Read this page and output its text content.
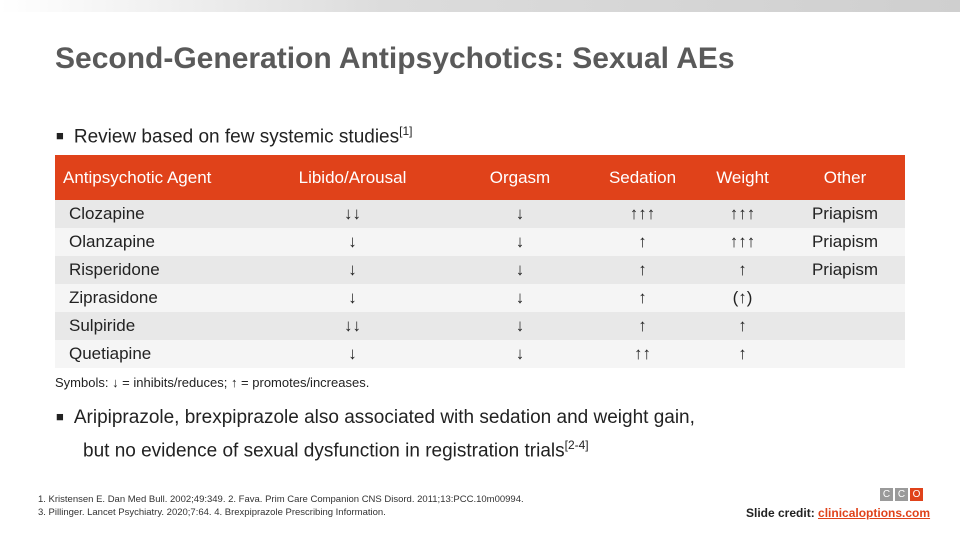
Second-Generation Antipsychotics: Sexual AEs
■ Review based on few systemic studies[1]
Antipsychotic Agent	Libido/Arousal	Orgasm	Sedation	Weight	Other
Clozapine	↓↓	↓	↑↑↑	↑↑↑	Priapism
Olanzapine	↓	↓	↑	↑↑↑	Priapism
Risperidone	↓	↓	↑	↑	Priapism
Ziprasidone	↓	↓	↑	(↑)
Sulpiride	↓↓	↓	↑	↑
Quetiapine	↓	↓	↑↑	↑
Symbols: ↓ = inhibits/reduces; ↑ = promotes/increases.
■ Aripiprazole, brexpiprazole also associated with sedation and weight gain,
but no evidence of sexual dysfunction in registration trials[2-4]
1. Kristensen E. Dan Med Bull. 2002;49:349. 2. Fava. Prim Care Companion CNS Disord. 2011;13:PCC.10m00994.
3. Pillinger. Lancet Psychiatry. 2020;7:64. 4. Brexpiprazole Prescribing Information.
C C O
Slide credit: clinicaloptions.com
